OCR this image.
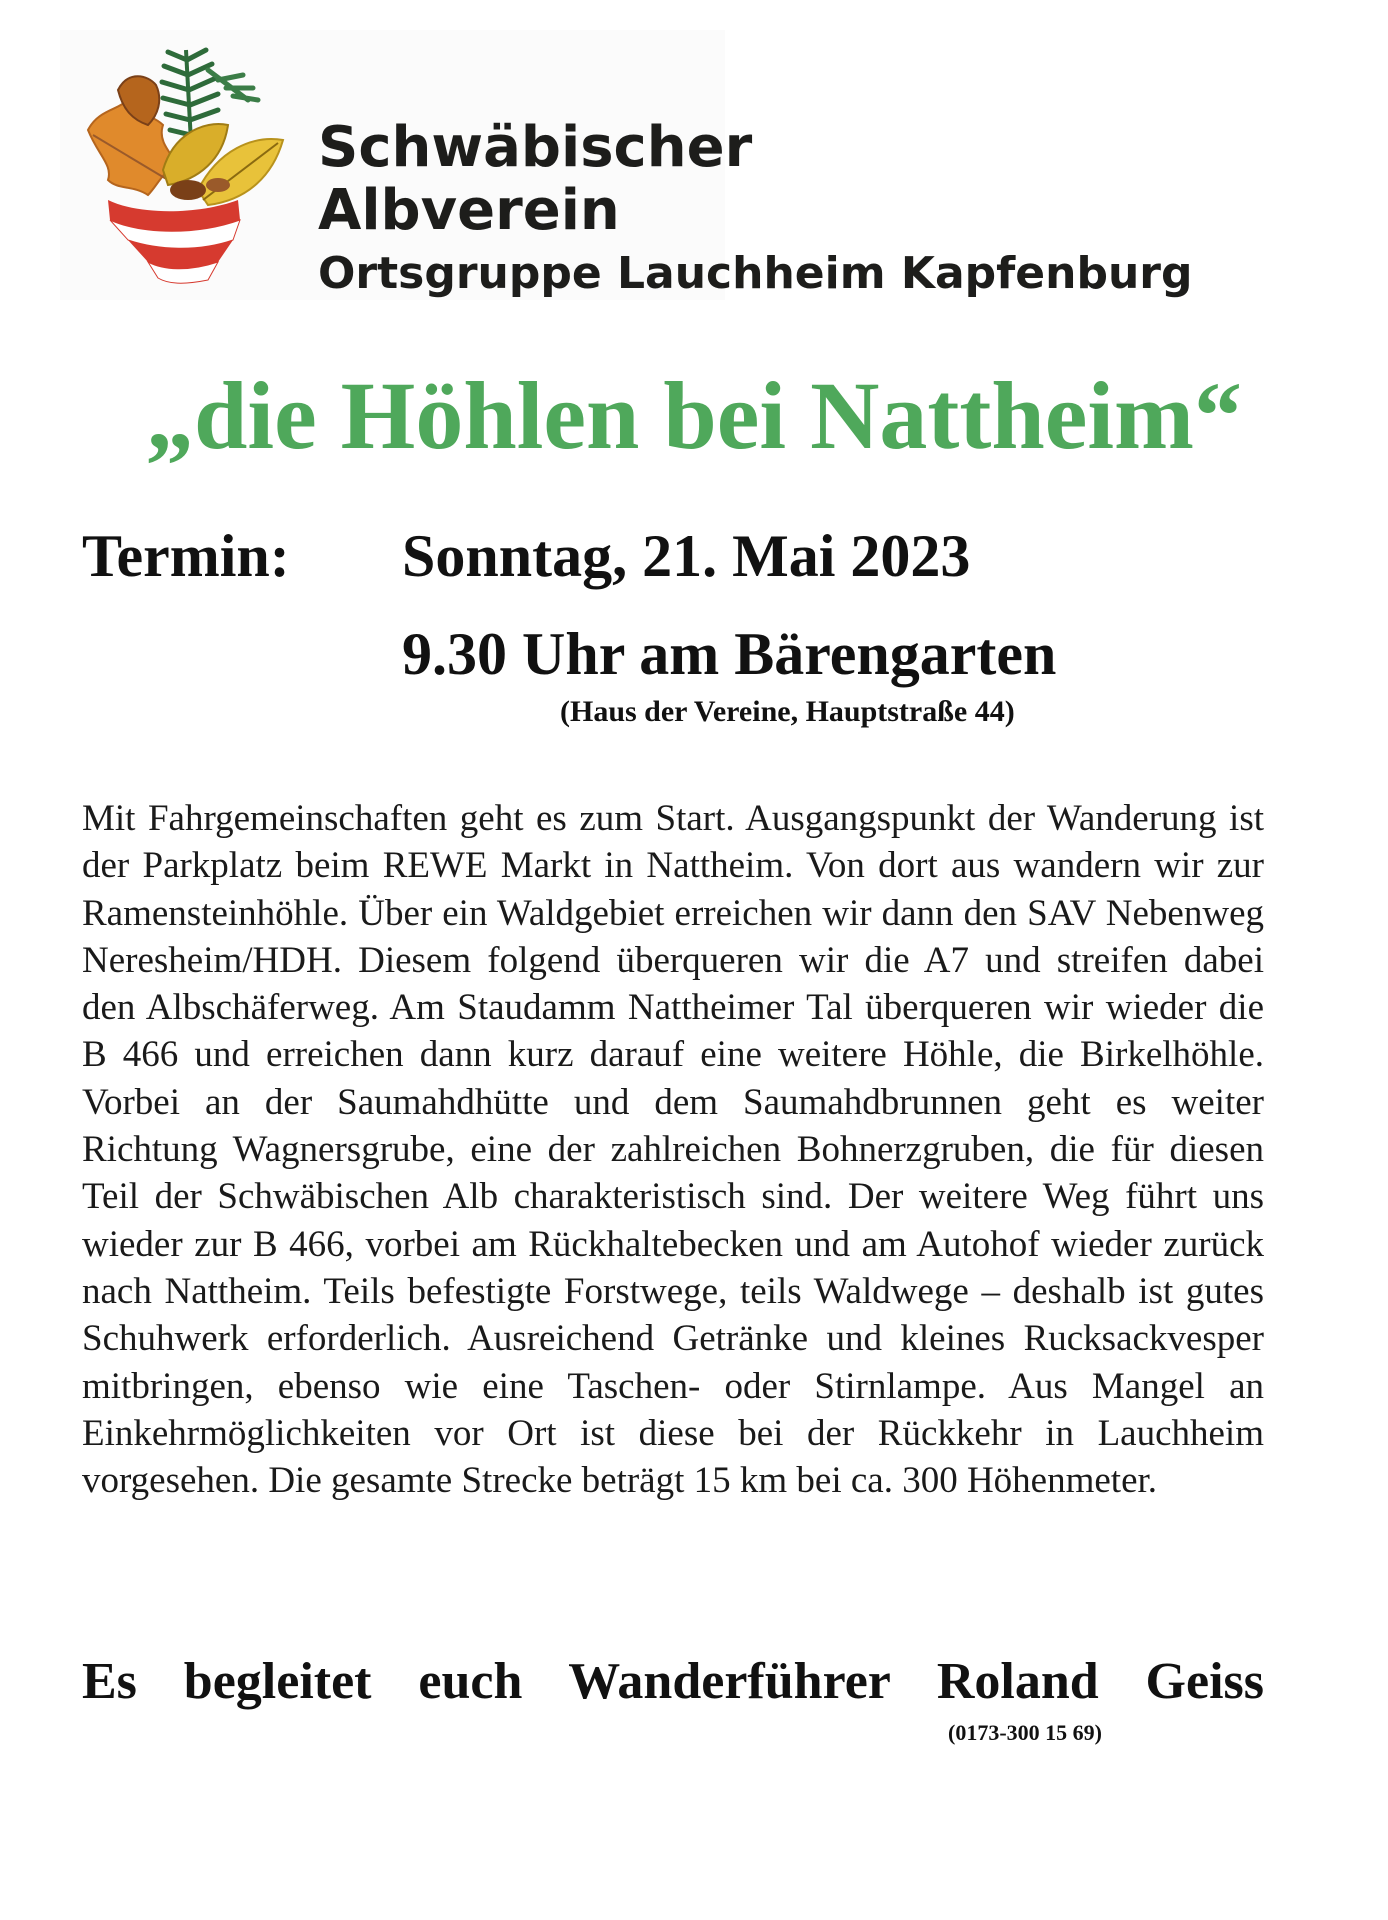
Schwäbischer
Albverein
Ortsgruppe Lauchheim Kapfenburg
„die Höhlen bei Nattheim“
Termin: Sonntag, 21. Mai 2023
9.30 Uhr am Bärengarten
(Haus der Vereine, Hauptstraße 44)
Mit Fahrgemeinschaften geht es zum Start. Ausgangspunkt der Wanderung ist der Parkplatz beim REWE Markt in Nattheim. Von dort aus wandern wir zur Ramensteinhöhle. Über ein Waldgebiet erreichen wir dann den SAV Nebenweg Neresheim/HDH. Diesem folgend überqueren wir die A7 und streifen dabei den Albschäferweg. Am Staudamm Nattheimer Tal überqueren wir wieder die B 466 und erreichen dann kurz darauf eine weitere Höhle, die Birkelhöhle. Vorbei an der Saumahdhütte und dem Saumahdbrunnen geht es weiter Richtung Wagnersgrube, eine der zahlreichen Bohnerzgruben, die für diesen Teil der Schwäbischen Alb charakteristisch sind. Der weitere Weg führt uns wieder zur B 466, vorbei am Rückhaltebecken und am Autohof wieder zurück nach Nattheim. Teils befestigte Forstwege, teils Waldwege – deshalb ist gutes Schuhwerk erforderlich. Ausreichend Getränke und kleines Rucksackvesper mitbringen, ebenso wie eine Taschen- oder Stirnlampe. Aus Mangel an Einkehrmöglichkeiten vor Ort ist diese bei der Rückkehr in Lauchheim vorgesehen. Die gesamte Strecke beträgt 15 km bei ca. 300 Höhenmeter.
Es begleitet euch Wanderführer Roland Geiss
(0173-300 15 69)
